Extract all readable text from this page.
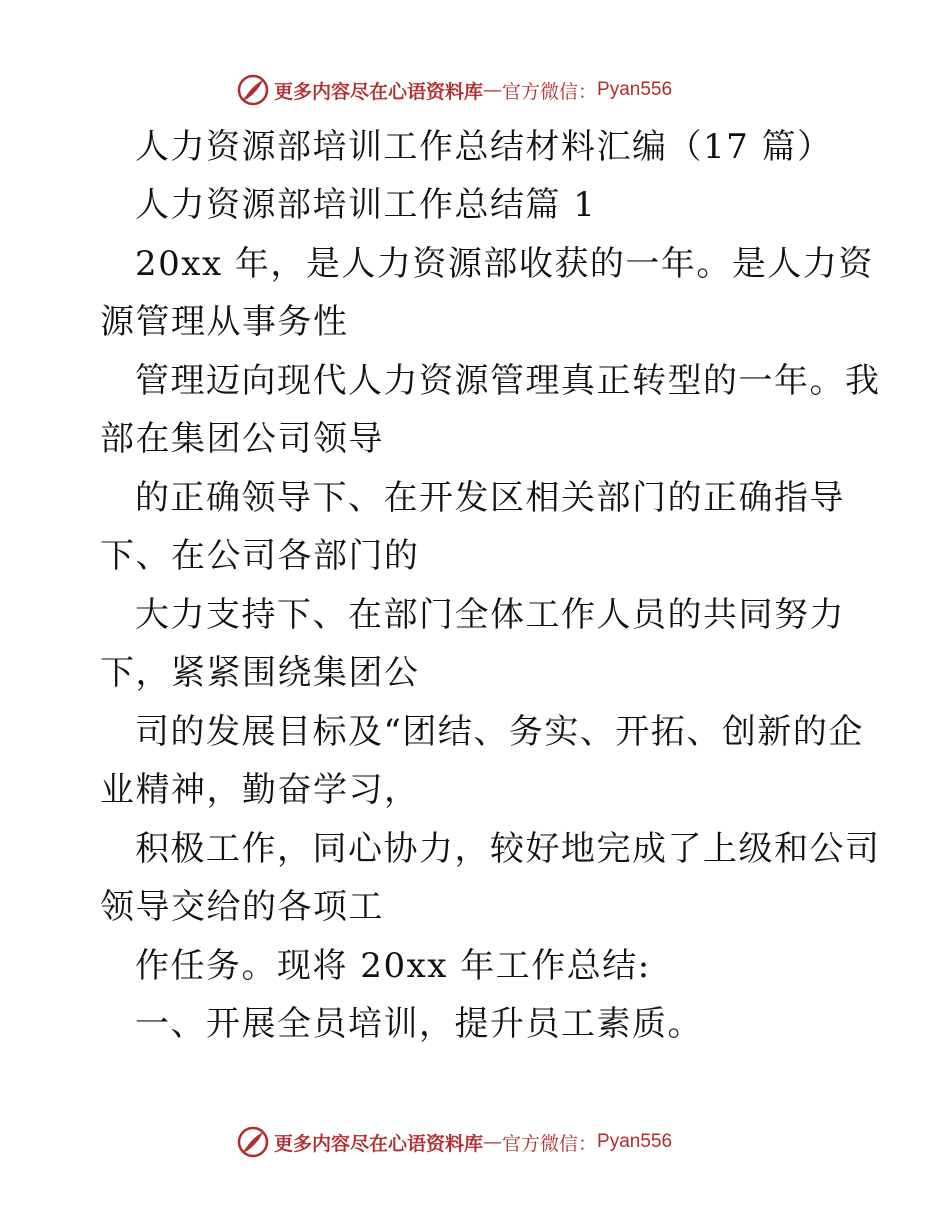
更多内容尽在心语资料库 — 官方微信： Pyan556
人力资源部培训工作总结材料汇编（17 篇）
人力资源部培训工作总结篇 1
20xx 年，是人力资源部收获的一年。是人力资
源管理从事务性
管理迈向现代人力资源管理真正转型的一年。我
部在集团公司领导
的正确领导下、在开发区相关部门的正确指导
下、在公司各部门的
大力支持下、在部门全体工作人员的共同努力
下，紧紧围绕集团公
司的发展目标及“团结、务实、开拓、创新的企
业精神，勤奋学习，
积极工作，同心协力，较好地完成了上级和公司
领导交给的各项工
作任务。现将 20xx 年工作总结:
一、开展全员培训，提升员工素质。
更多内容尽在心语资料库 — 官方微信： Pyan556
